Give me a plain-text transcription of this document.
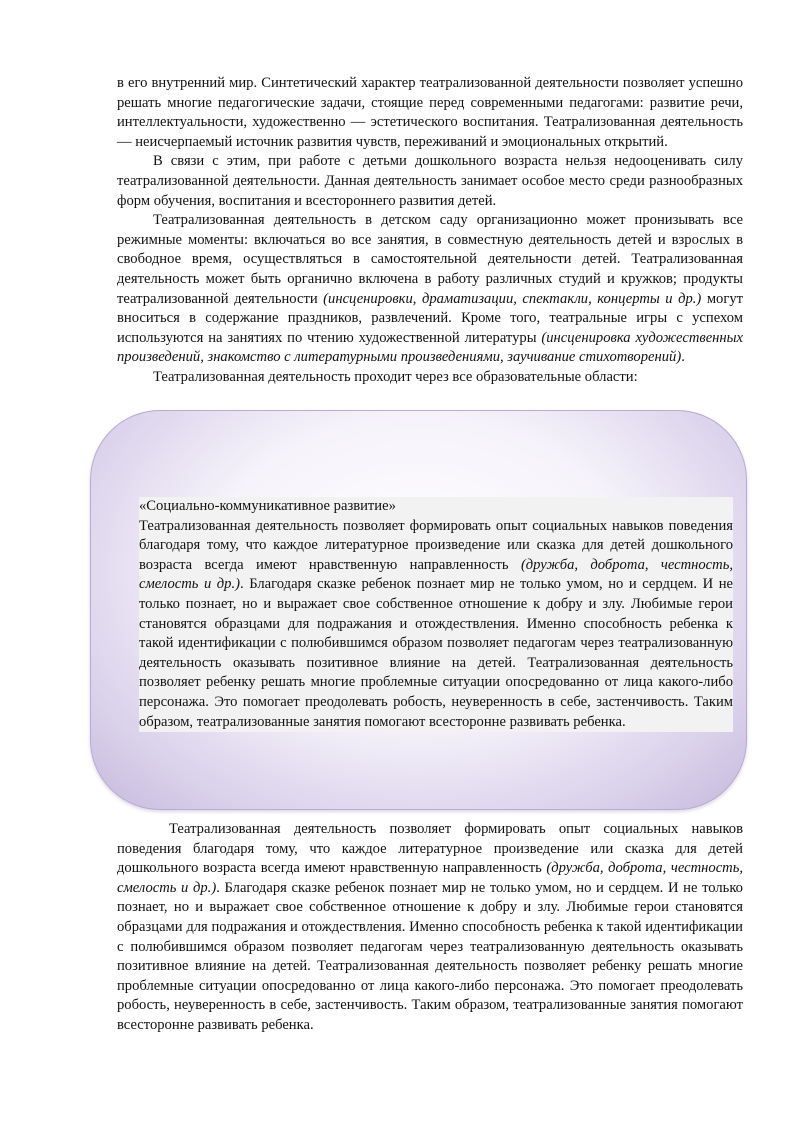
в его внутренний мир. Синтетический характер театрализованной деятельности позволяет успешно решать многие педагогические задачи, стоящие перед современными педагогами: развитие речи, интеллектуальности, художественно — эстетического воспитания. Театрализованная деятельность — неисчерпаемый источник развития чувств, переживаний и эмоциональных открытий.

В связи с этим, при работе с детьми дошкольного возраста нельзя недооценивать силу театрализованной деятельности. Данная деятельность занимает особое место среди разнообразных форм обучения, воспитания и всестороннего развития детей.

Театрализованная деятельность в детском саду организационно может пронизывать все режимные моменты: включаться во все занятия, в совместную деятельность детей и взрослых в свободное время, осуществляться в самостоятельной деятельности детей. Театрализованная деятельность может быть органично включена в работу различных студий и кружков; продукты театрализованной деятельности (инсценировки, драматизации, спектакли, концерты и др.) могут вноситься в содержание праздников, развлечений. Кроме того, театральные игры с успехом используются на занятиях по чтению художественной литературы (инсценировка художественных произведений, знакомство с литературными произведениями, заучивание стихотворений).

Театрализованная деятельность проходит через все образовательные области:

«Социально-коммуникативное развитие»

Театрализованная деятельность позволяет формировать опыт социальных навыков поведения благодаря тому, что каждое литературное произведение или сказка для детей дошкольного возраста всегда имеют нравственную направленность (дружба, доброта, честность, смелость и др.). Благодаря сказке ребенок познает мир не только умом, но и сердцем. И не только познает, но и выражает свое собственное отношение к добру и злу. Любимые герои становятся образцами для подражания и отождествления. Именно способность ребенка к такой идентификации с полюбившимся образом позволяет педагогам через театрализованную деятельность оказывать позитивное влияние на детей. Театрализованная деятельность позволяет ребенку решать многие проблемные ситуации опосредованно от лица какого-либо персонажа. Это помогает преодолевать робость, неуверенность в себе, застенчивость. Таким образом, театрализованные занятия помогают всесторонне развивать ребенка.

Театрализованная деятельность позволяет формировать опыт социальных навыков поведения благодаря тому, что каждое литературное произведение или сказка для детей дошкольного возраста всегда имеют нравственную направленность (дружба, доброта, честность, смелость и др.). Благодаря сказке ребенок познает мир не только умом, но и сердцем. И не только познает, но и выражает свое собственное отношение к добру и злу. Любимые герои становятся образцами для подражания и отождествления. Именно способность ребенка к такой идентификации с полюбившимся образом позволяет педагогам через театрализованную деятельность оказывать позитивное влияние на детей. Театрализованная деятельность позволяет ребенку решать многие проблемные ситуации опосредованно от лица какого-либо персонажа. Это помогает преодолевать робость, неуверенность в себе, застенчивость. Таким образом, театрализованные занятия помогают всесторонне развивать ребенка.
